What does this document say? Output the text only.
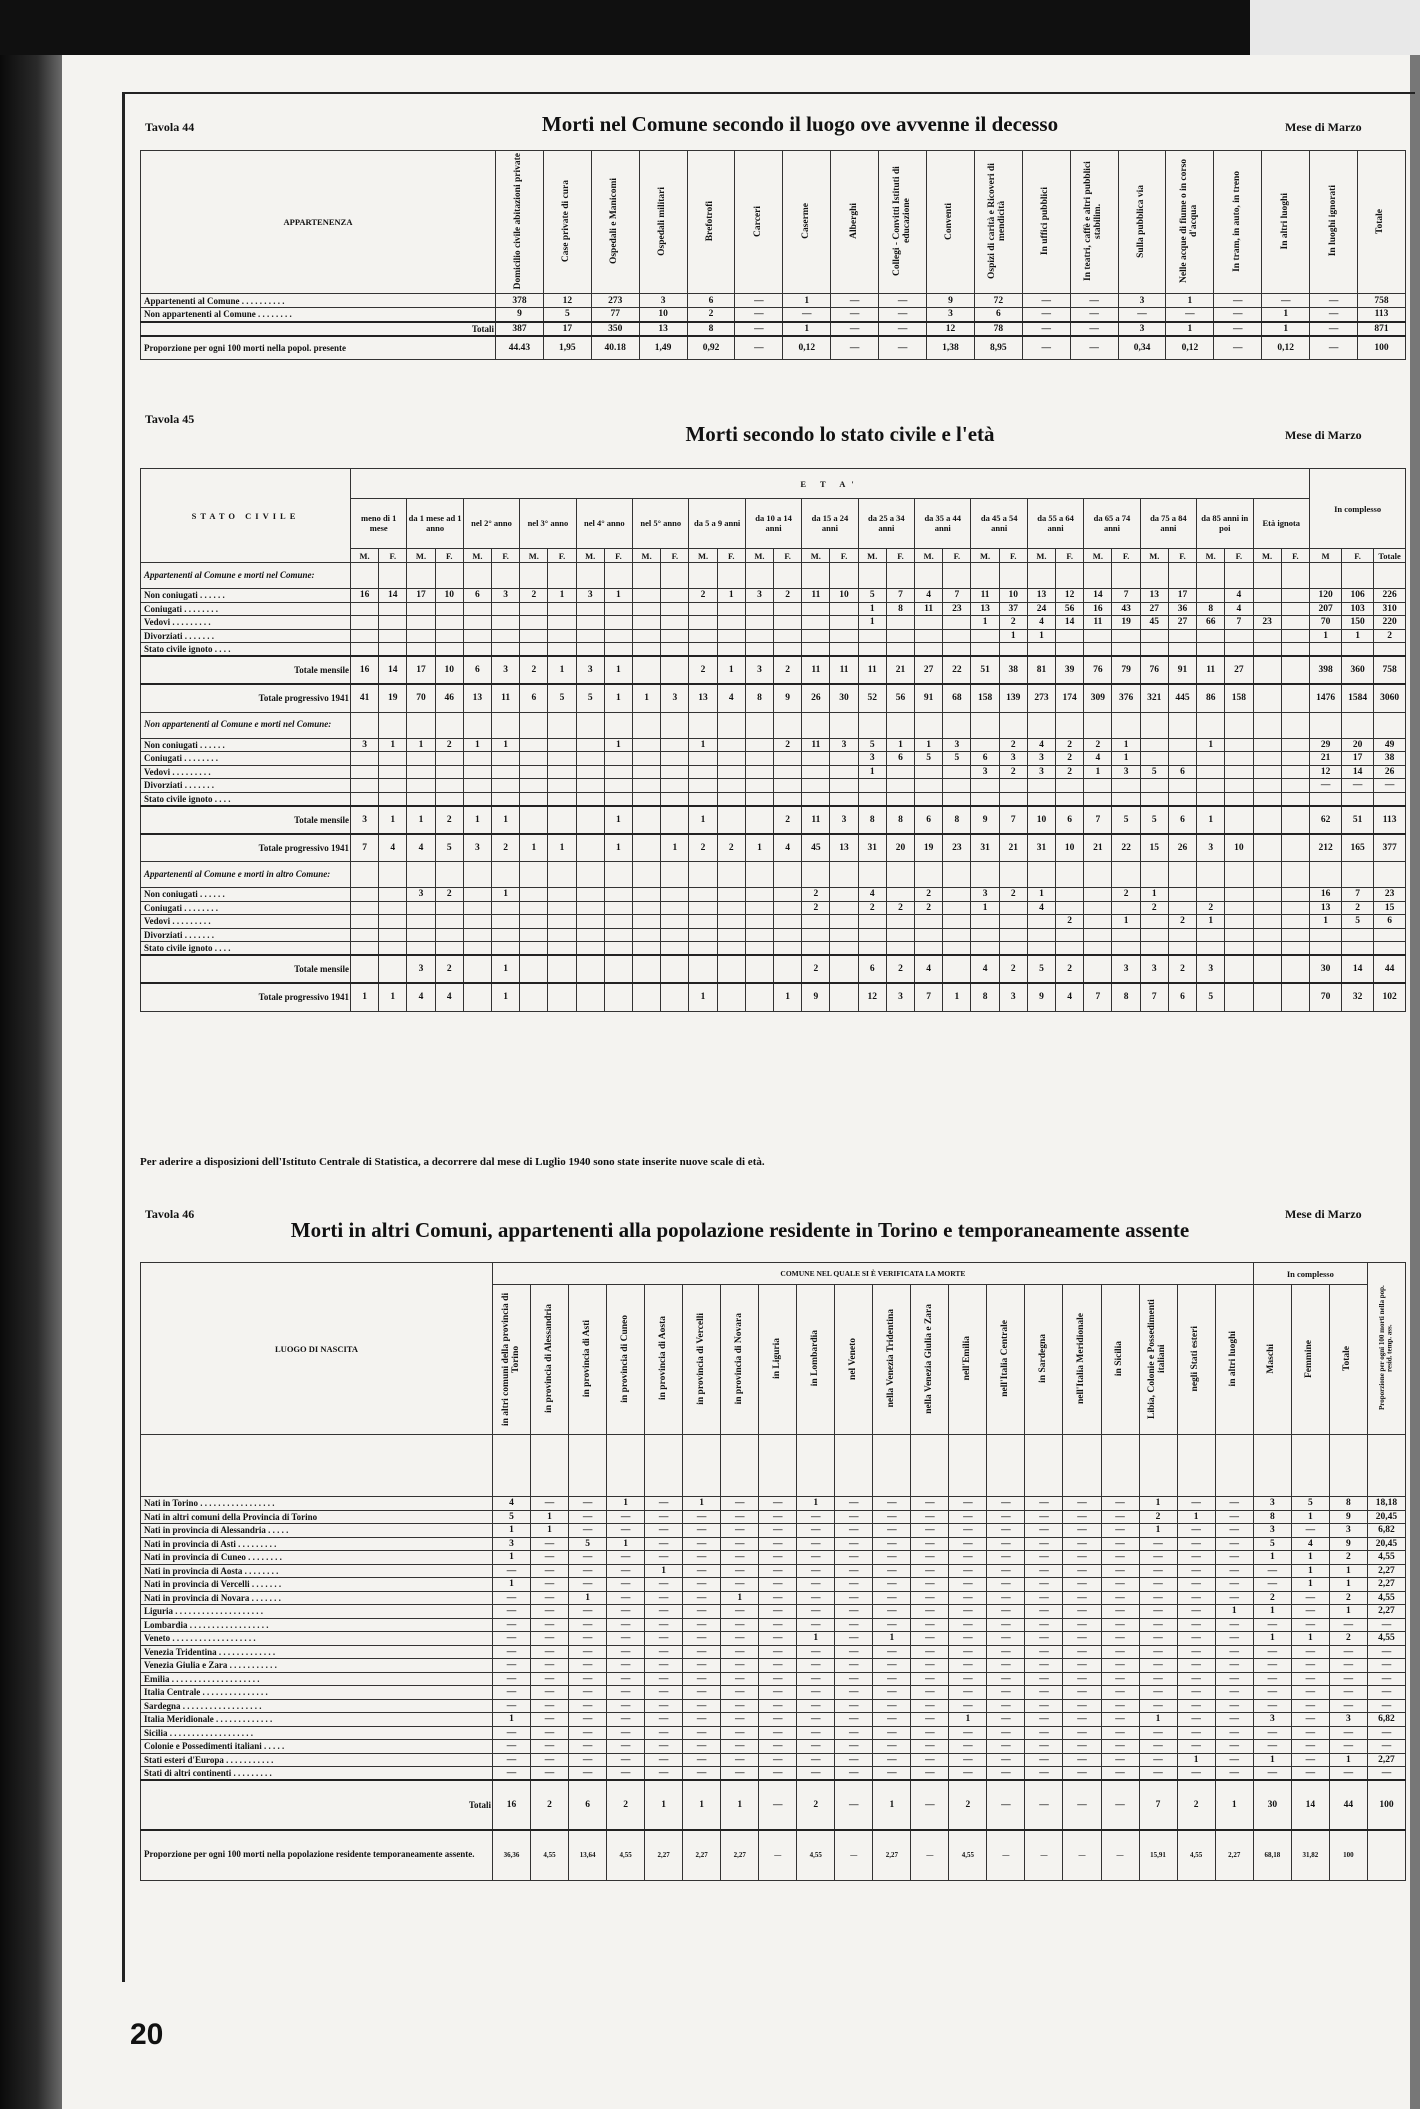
Tavola 44	Morti nel Comune secondo il luogo ove avvenne il decesso	Mese di Marzo
APPARTENENZA	Domicilio civile abitazioni private	Case private di cura	Ospedali e Manicomi	Ospedali militari	Brefotrofi	Carceri	Caserme	Alberghi	Collegi - Convitti Istituti di educazione	Conventi	Ospizi di carità e Ricoveri di mendicità	In uffici pubblici	In teatri, caffè e altri pubblici stabilim.	Sulla pubblica via	Nelle acque di fiume o in corso d'acqua	In tram, in auto, in treno	In altri luoghi	In luoghi ignorati	Totale
Appartenenti al Comune . . . . . . . . . .	378	12	273	3	6	—	1	—	—	9	72	—	—	3	1	—	—	—	758
Non appartenenti al Comune . . . . . . . .	9	5	77	10	2	—	—	—	—	3	6	—	—	—	—	—	1	—	113
Totali	387	17	350	13	8	—	1	—	—	12	78	—	—	3	1	—	1	—	871
Proporzione per ogni 100 morti nella popol. presente	44.43	1,95	40.18	1,49	0,92	—	0,12	—	—	1,38	8,95	—	—	0,34	0,12	—	0,12	—	100
Tavola 45
Morti secondo lo stato civile e l'età	Mese di Marzo
STATO CIVILE	E T A'																																		In complesso		
	meno di 1 mese		da 1 mese ad 1 anno		nel 2° anno		nel 3° anno		nel 4° anno		nel 5° anno		da 5 a 9 anni		da 10 a 14 anni		da 15 a 24 anni		da 25 a 34 anni		da 35 a 44 anni		da 45 a 54 anni		da 55 a 64 anni		da 65 a 74 anni		da 75 a 84 anni		da 85 anni in poi		Età ignota				
	M.	F.	M.	F.	M.	F.	M.	F.	M.	F.	M.	F.	M.	F.	M.	F.	M.	F.	M.	F.	M.	F.	M.	F.	M.	F.	M.	F.	M.	F.	M.	F.	M.	F.	M	F.	Totale
Appartenenti al Comune e morti nel Comune:																																					
Non coniugati . . . . . .	16	14	17	10	6	3	2	1	3	1			2	1	3	2	11	10	5	7	4	7	11	10	13	12	14	7	13	17		4			120	106	226
Coniugati . . . . . . . .																			1	8	11	23	13	37	24	56	16	43	27	36	8	4			207	103	310
Vedovi . . . . . . . . .																			1				1	2	4	14	11	19	45	27	66	7	23		70	150	220
Divorziati . . . . . . .																								1	1										1	1	2
Stato civile ignoto . . . .																																					
Totale mensile	16	14	17	10	6	3	2	1	3	1			2	1	3	2	11	11	11	21	27	22	51	38	81	39	76	79	76	91	11	27			398	360	758
Totale progressivo 1941	41	19	70	46	13	11	6	5	5	1	1	3	13	4	8	9	26	30	52	56	91	68	158	139	273	174	309	376	321	445	86	158			1476	1584	3060
Non appartenenti al Comune e morti nel Comune:																																					
Non coniugati . . . . . .	3	1	1	2	1	1				1			1			2	11	3	5	1	1	3		2	4	2	2	1			1				29	20	49
Coniugati . . . . . . . .																			3	6	5	5	6	3	3	2	4	1							21	17	38
Vedovi . . . . . . . . .																			1				3	2	3	2	1	3	5	6					12	14	26
Divorziati . . . . . . .																																			—	—	—
Stato civile ignoto . . . .																																					
Totale mensile	3	1	1	2	1	1				1			1			2	11	3	8	8	6	8	9	7	10	6	7	5	5	6	1				62	51	113
Totale progressivo 1941	7	4	4	5	3	2	1	1		1		1	2	2	1	4	45	13	31	20	19	23	31	21	31	10	21	22	15	26	3	10			212	165	377
Appartenenti al Comune e morti in altro Comune:																																					
Non coniugati . . . . . .			3	2		1											2		4		2		3	2	1			2	1						16	7	23
Coniugati . . . . . . . .																	2		2	2	2		1		4				2		2				13	2	15
Vedovi . . . . . . . . .																										2		1		2	1				1	5	6
Divorziati . . . . . . .																																					
Stato civile ignoto . . . .																																					
Totale mensile			3	2		1											2		6	2	4		4	2	5	2		3	3	2	3				30	14	44
Totale progressivo 1941	1	1	4	4		1							1			1	9		12	3	7	1	8	3	9	4	7	8	7	6	5				70	32	102
Per aderire a disposizioni dell'Istituto Centrale di Statistica, a decorrere dal mese di Luglio 1940 sono state inserite nuove scale di età.
Tavola 46
Morti in altri Comuni, appartenenti alla popolazione residente in Torino e temporaneamente assente
Mese di Marzo
LUOGO DI NASCITA	COMUNE NEL QUALE SI È VERIFICATA LA MORTE																				In complesso			Proporzione per ogni 100 morti nella pop. resid. temp. ass.
	in altri comuni della provincia di Torino	in provincia di Alessandria	in provincia di Asti	in provincia di Cuneo	in provincia di Aosta	in provincia di Vercelli	in provincia di Novara	in Liguria	in Lombardia	nel Veneto	nella Venezia Tridentina	nella Venezia Giulia e Zara	nell'Emilia	nell'Italia Centrale	in Sardegna	nell'Italia Meridionale	in Sicilia	Libia, Colonie e Possedimenti italiani	negli Stati esteri	in altri luoghi	Maschi	Femmine	Totale	

Nati in Torino . . . . . . . . . . . . . . . . .	4	—	—	1	—	1	—	—	1	—	—	—	—	—	—	—	—	1	—	—	3	5	8	18,18
Nati in altri comuni della Provincia di Torino	5	1	—	—	—	—	—	—	—	—	—	—	—	—	—	—	—	2	1	—	8	1	9	20,45
Nati in provincia di Alessandria . . . . .	1	1	—	—	—	—	—	—	—	—	—	—	—	—	—	—	—	1	—	—	3	—	3	6,82
Nati in provincia di Asti . . . . . . . . .	3	—	5	1	—	—	—	—	—	—	—	—	—	—	—	—	—	—	—	—	5	4	9	20,45
Nati in provincia di Cuneo . . . . . . . .	1	—	—	—	—	—	—	—	—	—	—	—	—	—	—	—	—	—	—	—	1	1	2	4,55
Nati in provincia di Aosta . . . . . . . .	—	—	—	—	1	—	—	—	—	—	—	—	—	—	—	—	—	—	—	—	—	1	1	2,27
Nati in provincia di Vercelli . . . . . . .	1	—	—	—	—	—	—	—	—	—	—	—	—	—	—	—	—	—	—	—	—	1	1	2,27
Nati in provincia di Novara . . . . . . .	—	—	1	—	—	—	1	—	—	—	—	—	—	—	—	—	—	—	—	—	2	—	2	4,55
Liguria . . . . . . . . . . . . . . . . . . . .	—	—	—	—	—	—	—	—	—	—	—	—	—	—	—	—	—	—	—	1	1	—	1	2,27
Lombardia . . . . . . . . . . . . . . . . . .	—	—	—	—	—	—	—	—	—	—	—	—	—	—	—	—	—	—	—	—	—	—	—	—
Veneto . . . . . . . . . . . . . . . . . . .	—	—	—	—	—	—	—	—	1	—	1	—	—	—	—	—	—	—	—	—	1	1	2	4,55
Venezia Tridentina . . . . . . . . . . . . .	—	—	—	—	—	—	—	—	—	—	—	—	—	—	—	—	—	—	—	—	—	—	—	—
Venezia Giulia e Zara . . . . . . . . . . .	—	—	—	—	—	—	—	—	—	—	—	—	—	—	—	—	—	—	—	—	—	—	—	—
Emilia . . . . . . . . . . . . . . . . . . . .	—	—	—	—	—	—	—	—	—	—	—	—	—	—	—	—	—	—	—	—	—	—	—	—
Italia Centrale . . . . . . . . . . . . . . .	—	—	—	—	—	—	—	—	—	—	—	—	—	—	—	—	—	—	—	—	—	—	—	—
Sardegna . . . . . . . . . . . . . . . . . .	—	—	—	—	—	—	—	—	—	—	—	—	—	—	—	—	—	—	—	—	—	—	—	—
Italia Meridionale . . . . . . . . . . . . .	1	—	—	—	—	—	—	—	—	—	—	—	1	—	—	—	—	1	—	—	3	—	3	6,82
Sicilia . . . . . . . . . . . . . . . . . . .	—	—	—	—	—	—	—	—	—	—	—	—	—	—	—	—	—	—	—	—	—	—	—	—
Colonie e Possedimenti italiani . . . . .	—	—	—	—	—	—	—	—	—	—	—	—	—	—	—	—	—	—	—	—	—	—	—	—
Stati esteri d'Europa . . . . . . . . . . .	—	—	—	—	—	—	—	—	—	—	—	—	—	—	—	—	—	—	1	—	1	—	1	2,27
Stati di altri continenti . . . . . . . . .	—	—	—	—	—	—	—	—	—	—	—	—	—	—	—	—	—	—	—	—	—	—	—	—
Totali	16	2	6	2	1	1	1	—	2	—	1	—	2	—	—	—	—	7	2	1	30	14	44	100
Proporzione per ogni 100 morti nella popolazione residente temporaneamente assente.	36,36	4,55	13,64	4,55	2,27	2,27	2,27	—	4,55	—	2,27	—	4,55	—	—	—	—	15,91	4,55	2,27	68,18	31,82	100	
20
